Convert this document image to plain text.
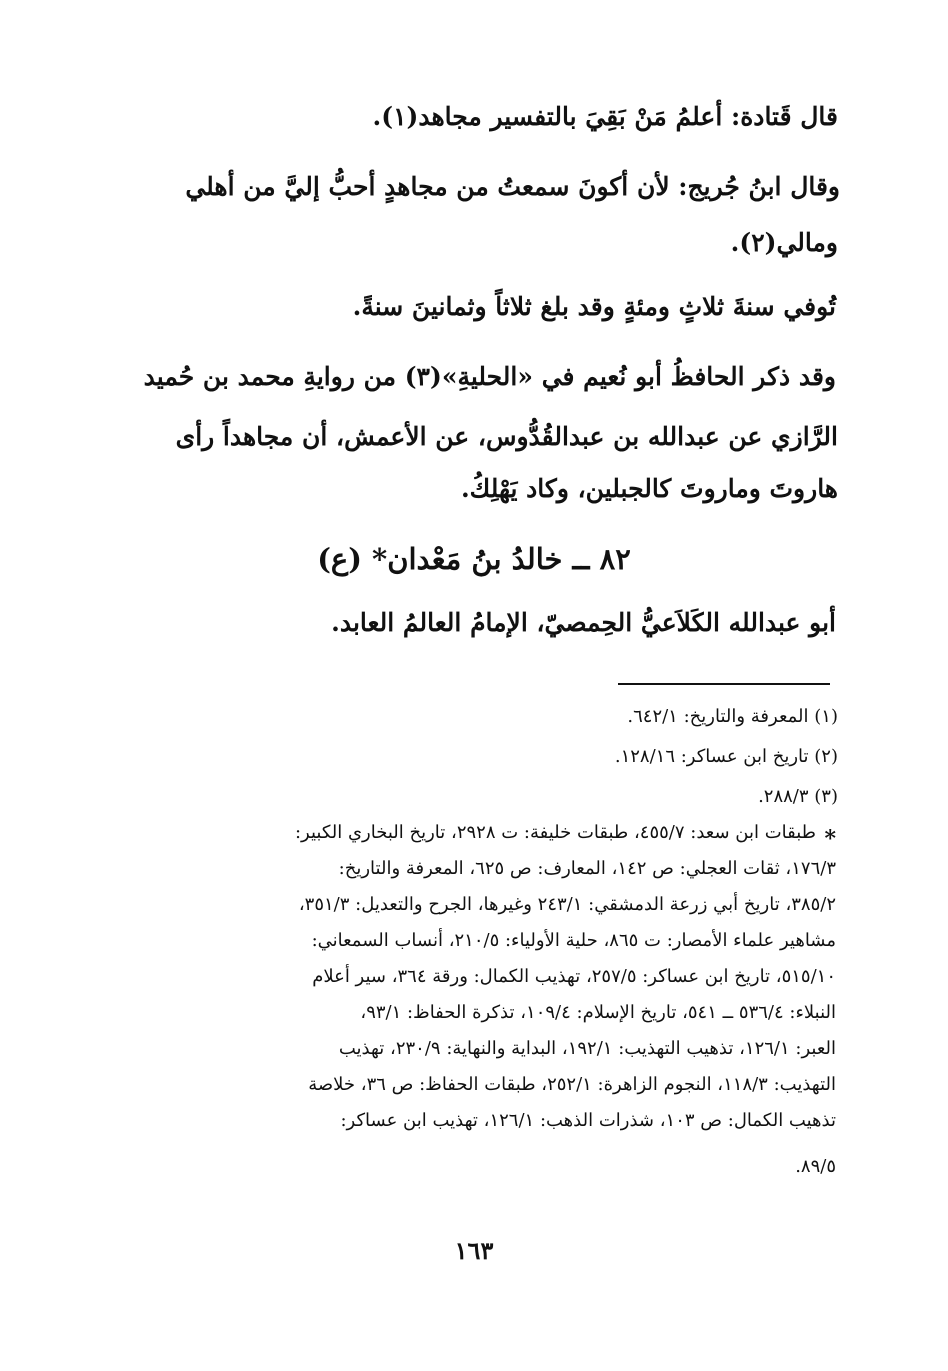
قال قَتادة: أعلمُ مَنْ بَقِيَ بالتفسير مجاهد(١).
وقال ابنُ جُريج: لأن أكونَ سمعتُ من مجاهدٍ أحبُّ إليَّ من أهلي
ومالي(٢).
تُوفي سنةَ ثلاثٍ ومئةٍ وقد بلغ ثلاثاً وثمانينَ سنةً.
وقد ذكر الحافظُ أبو نُعيم في «الحليةِ»(٣) من روايةِ محمد بن حُميد
الرَّازي عن عبدالله بن عبدالقُدُّوس، عن الأعمش، أن مجاهداً رأى
هاروتَ وماروتَ كالجبلين، وكاد يَهْلِكُ.
٨٢ ــ خالدُ بنُ مَعْدان* (ع)
أبو عبدالله الكَلاَعيُّ الحِمصيّ، الإمامُ العالمُ العابد.
(١) المعرفة والتاريخ: ٦٤٢/١.
(٢) تاريخ ابن عساكر: ١٢٨/١٦.
(٣) ٢٨٨/٣.
*
طبقات ابن سعد: ٤٥٥/٧، طبقات خليفة: ت ٢٩٢٨، تاريخ البخاري الكبير:
١٧٦/٣، ثقات العجلي: ص ١٤٢، المعارف: ص ٦٢٥، المعرفة والتاريخ:
٣٨٥/٢، تاريخ أبي زرعة الدمشقي: ٢٤٣/١ وغيرها، الجرح والتعديل: ٣٥١/٣،
مشاهير علماء الأمصار: ت ٨٦٥، حلية الأولياء: ٢١٠/٥، أنساب السمعاني:
٥١٥/١٠، تاريخ ابن عساكر: ٢٥٧/٥، تهذيب الكمال: ورقة ٣٦٤، سير أعلام
النبلاء: ٥٣٦/٤ ــ ٥٤١، تاريخ الإسلام: ١٠٩/٤، تذكرة الحفاظ: ٩٣/١،
العبر: ١٢٦/١، تذهيب التهذيب: ١٩٢/١، البداية والنهاية: ٢٣٠/٩، تهذيب
التهذيب: ١١٨/٣، النجوم الزاهرة: ٢٥٢/١، طبقات الحفاظ: ص ٣٦، خلاصة
تذهيب الكمال: ص ١٠٣، شذرات الذهب: ١٢٦/١، تهذيب ابن عساكر:
٨٩/٥.
١٦٣
